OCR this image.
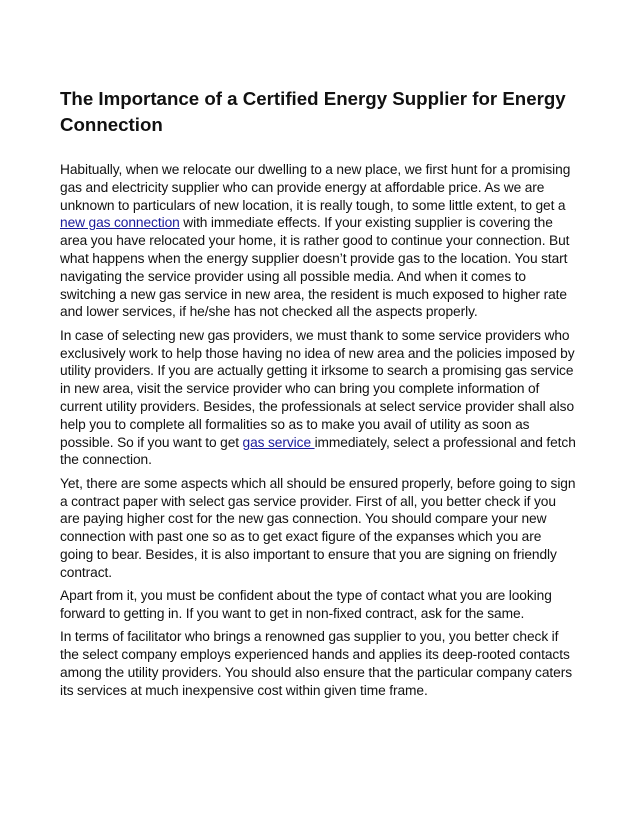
The Importance of a Certified Energy Supplier for Energy Connection

Habitually, when we relocate our dwelling to a new place, we first hunt for a promising gas and electricity supplier who can provide energy at affordable price. As we are unknown to particulars of new location, it is really tough, to some little extent, to get a new gas connection with immediate effects. If your existing supplier is covering the area you have relocated your home, it is rather good to continue your connection. But what happens when the energy supplier doesn’t provide gas to the location. You start navigating the service provider using all possible media. And when it comes to switching a new gas service in new area, the resident is much exposed to higher rate and lower services, if he/she has not checked all the aspects properly.

In case of selecting new gas providers, we must thank to some service providers who exclusively work to help those having no idea of new area and the policies imposed by utility providers. If you are actually getting it irksome to search a promising gas service in new area, visit the service provider who can bring you complete information of current utility providers. Besides, the professionals at select service provider shall also help you to complete all formalities so as to make you avail of utility as soon as possible. So if you want to get gas service immediately, select a professional and fetch the connection.

Yet, there are some aspects which all should be ensured properly, before going to sign a contract paper with select gas service provider. First of all, you better check if you are paying higher cost for the new gas connection. You should compare your new connection with past one so as to get exact figure of the expanses which you are going to bear. Besides, it is also important to ensure that you are signing on friendly contract.

Apart from it, you must be confident about the type of contact what you are looking forward to getting in. If you want to get in non-fixed contract, ask for the same.

In terms of facilitator who brings a renowned gas supplier to you, you better check if the select company employs experienced hands and applies its deep-rooted contacts among the utility providers. You should also ensure that the particular company caters its services at much inexpensive cost within given time frame.
